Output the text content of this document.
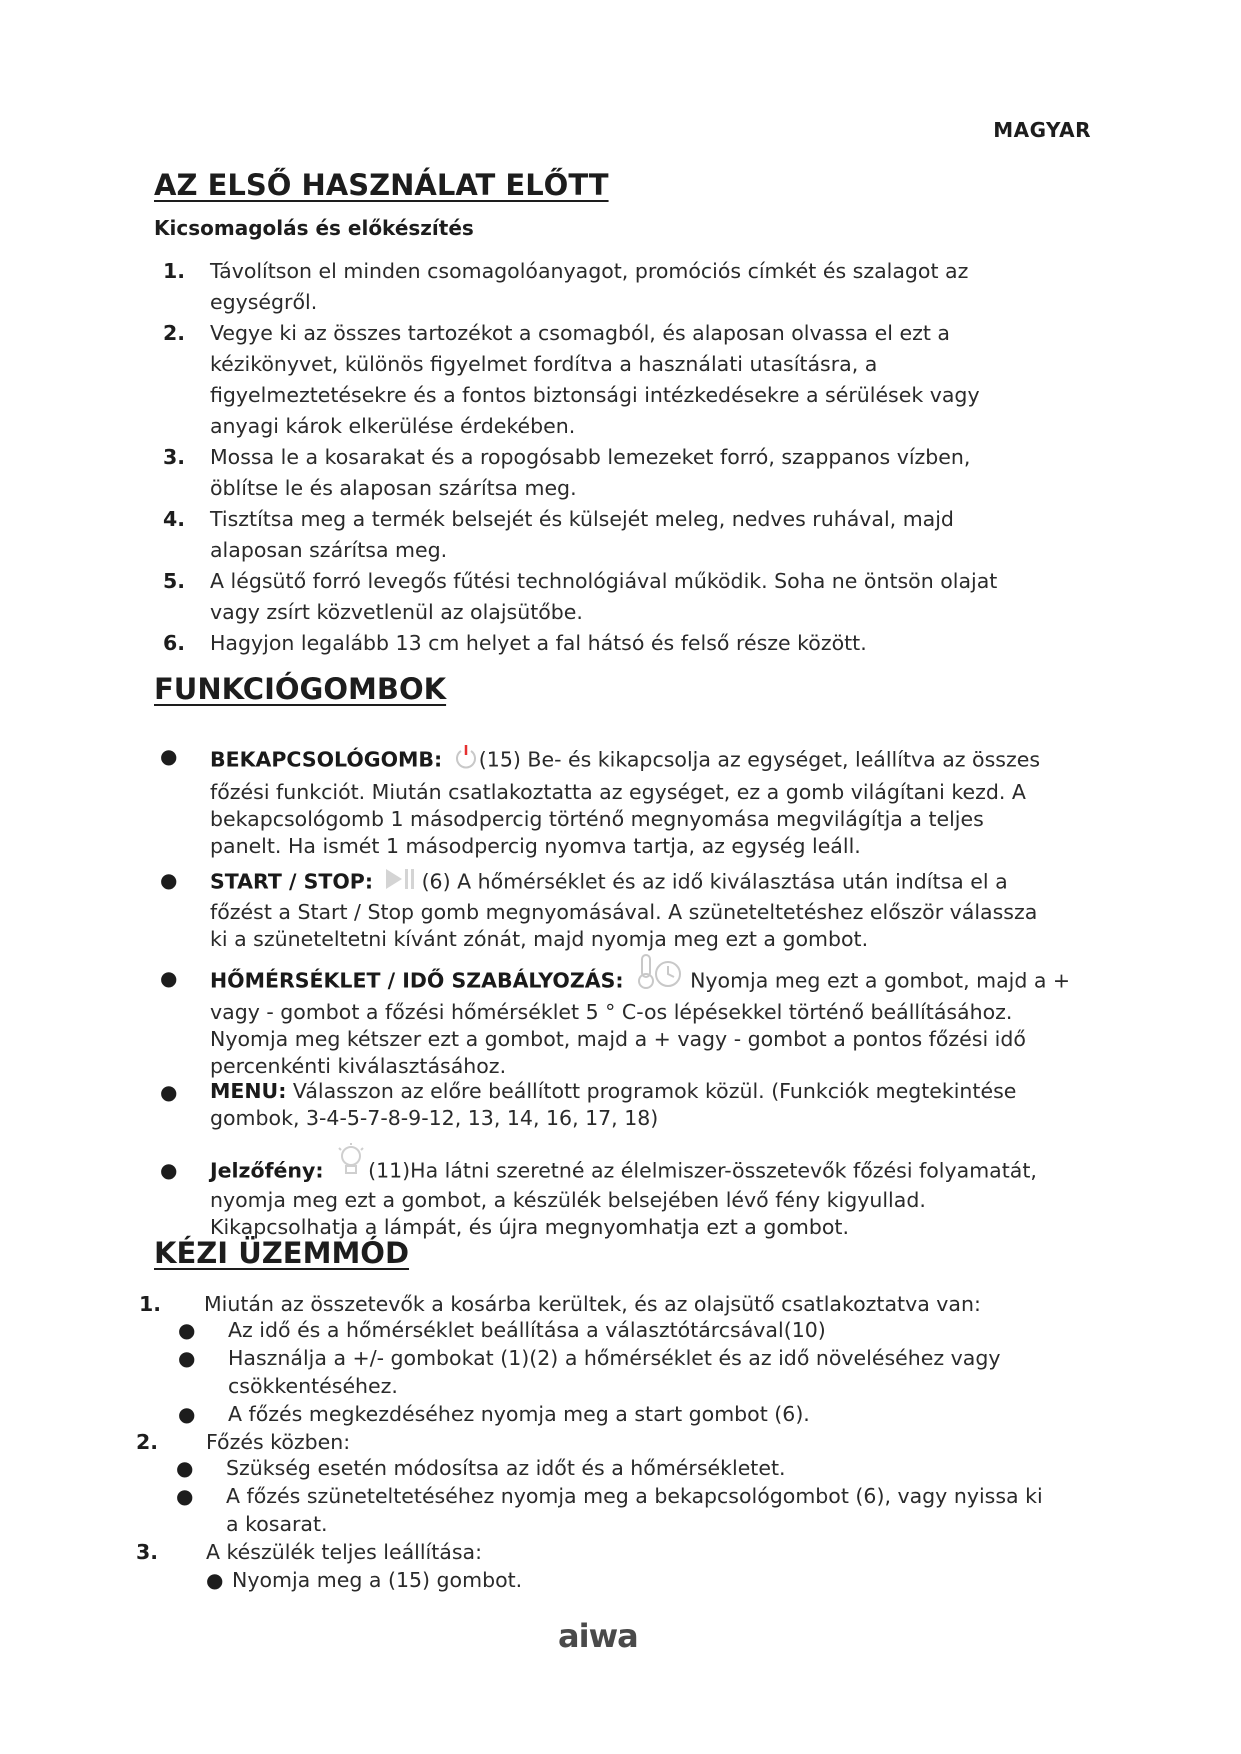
MAGYAR
AZ ELSŐ HASZNÁLAT ELŐTT
Kicsomagolás és előkészítés
1. Távolítson el minden csomagolóanyagot, promóciós címkét és szalagot az
egységről.
2. Vegye ki az összes tartozékot a csomagból, és alaposan olvassa el ezt a
kézikönyvet, különös figyelmet fordítva a használati utasításra, a
figyelmeztetésekre és a fontos biztonsági intézkedésekre a sérülések vagy
anyagi károk elkerülése érdekében.
3. Mossa le a kosarakat és a ropogósabb lemezeket forró, szappanos vízben,
öblítse le és alaposan szárítsa meg.
4. Tisztítsa meg a termék belsejét és külsejét meleg, nedves ruhával, majd
alaposan szárítsa meg.
5. A légsütő forró levegős fűtési technológiával működik. Soha ne öntsön olajat
vagy zsírt közvetlenül az olajsütőbe.
6. Hagyjon legalább 13 cm helyet a fal hátsó és felső része között.
FUNKCIÓGOMBOK
● BEKAPCSOLÓGOMB: (15) Be- és kikapcsolja az egységet, leállítva az összes
főzési funkciót. Miután csatlakoztatta az egységet, ez a gomb világítani kezd. A
bekapcsológomb 1 másodpercig történő megnyomása megvilágítja a teljes
panelt. Ha ismét 1 másodpercig nyomva tartja, az egység leáll.
● START / STOP: (6) A hőmérséklet és az idő kiválasztása után indítsa el a
főzést a Start / Stop gomb megnyomásával. A szüneteltetéshez először válassza
ki a szüneteltetni kívánt zónát, majd nyomja meg ezt a gombot.
● HŐMÉRSÉKLET / IDŐ SZABÁLYOZÁS:	Nyomja meg ezt a gombot, majd a +
vagy - gombot a főzési hőmérséklet 5 ° C-os lépésekkel történő beállításához.
Nyomja meg kétszer ezt a gombot, majd a + vagy - gombot a pontos főzési idő
percenkénti kiválasztásához.
● MENU: Válasszon az előre beállított programok közül. (Funkciók megtekintése
gombok, 3-4-5-7-8-9-12, 13, 14, 16, 17, 18)
● Jelzőfény: (11)Ha látni szeretné az élelmiszer-összetevők főzési folyamatát,
nyomja meg ezt a gombot, a készülék belsejében lévő fény kigyullad.
Kikapcsolhatja a lámpát, és újra megnyomhatja ezt a gombot.
KÉZI ÜZEMMÓD
1. Miután az összetevők a kosárba kerültek, és az olajsütő csatlakoztatva van:
● Az idő és a hőmérséklet beállítása a választótárcsával(10)
● Használja a +/- gombokat (1)(2) a hőmérséklet és az idő növeléséhez vagy
csökkentéséhez.
● A főzés megkezdéséhez nyomja meg a start gombot (6).
2. Főzés közben:
● Szükség esetén módosítsa az időt és a hőmérsékletet.
● A főzés szüneteltetéséhez nyomja meg a bekapcsológombot (6), vagy nyissa ki
a kosarat.
3. A készülék teljes leállítása:
● Nyomja meg a (15) gombot.
aiwa
